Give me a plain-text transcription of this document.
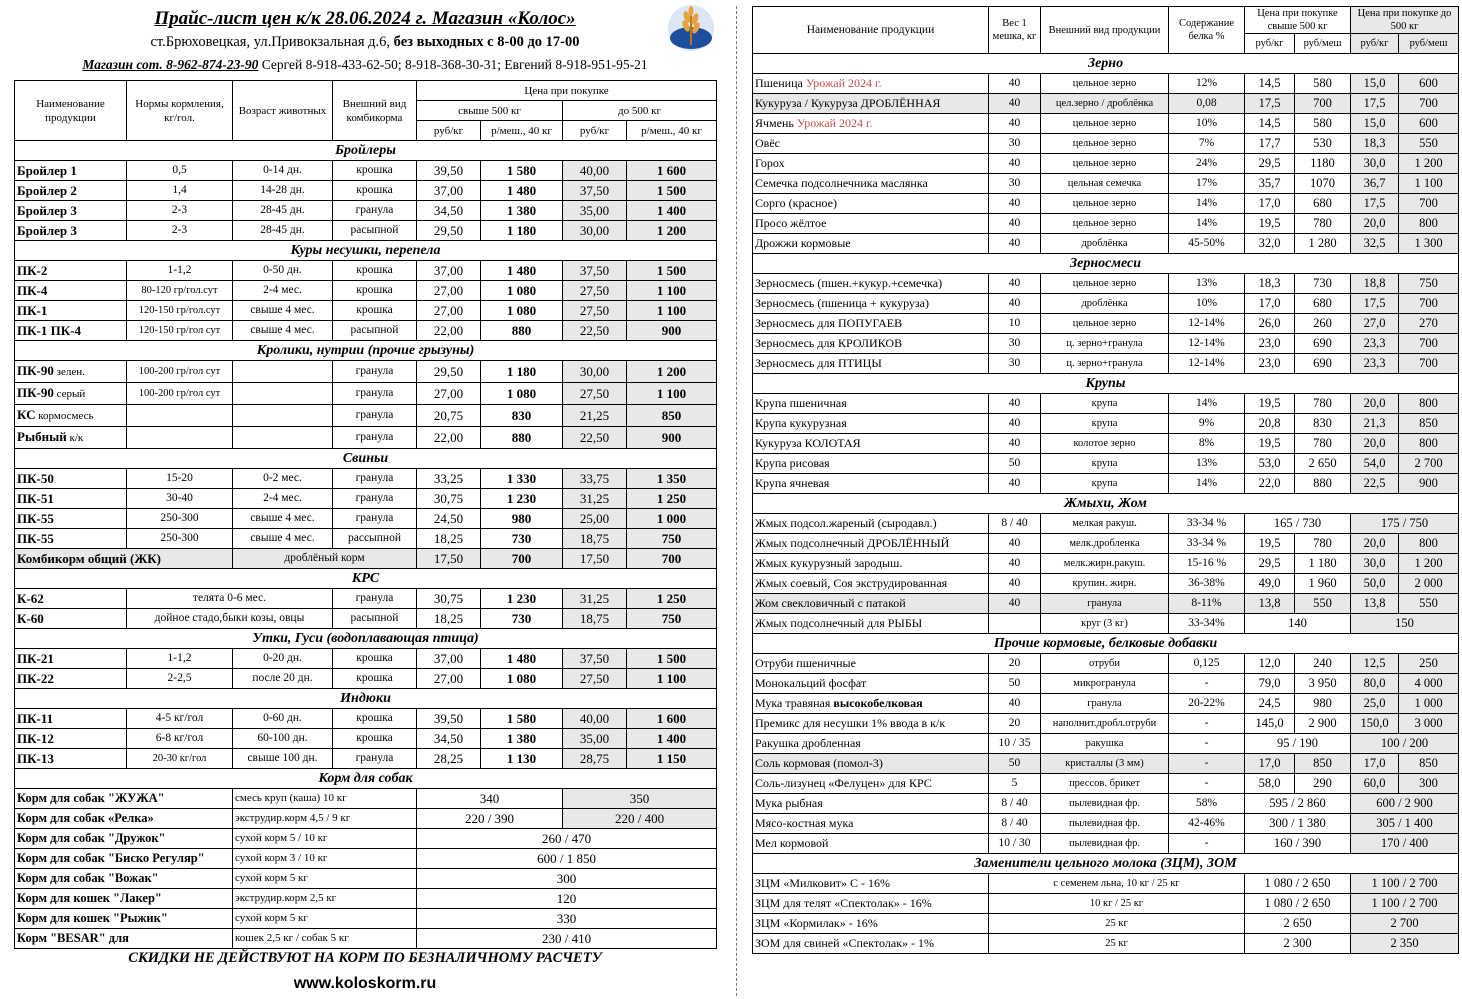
Прайс-лист цен к/к 28.06.2024 г. Магазин «Колос»
ст.Брюховецкая, ул.Привокзальная д.6, без выходных с 8-00 до 17-00
Магазин сот. 8-962-874-23-90 Сергей 8-918-433-62-50; 8-918-368-30-31; Евгений 8-918-951-95-21
Наименование продукции	Нормы кормления, кг/гол.	Возраст животных	Внешний вид комбикорма	Цена при покупке			
				свыше 500 кг		до 500 кг	
				руб/кг	р/меш., 40 кг	руб/кг	р/меш., 40 кг
Бройлеры							
Бройлер 1	0,5	0-14 дн.	крошка	39,50	1 580	40,00	1 600
Бройлер 2	1,4	14-28 дн.	крошка	37,00	1 480	37,50	1 500
Бройлер 3	2-3	28-45 дн.	гранула	34,50	1 380	35,00	1 400
Бройлер 3	2-3	28-45 дн.	расыпной	29,50	1 180	30,00	1 200
Куры несушки, перепела							
ПК-2	1-1,2	0-50 дн.	крошка	37,00	1 480	37,50	1 500
ПК-4	80-120 гр/гол.сут	2-4 мес.	крошка	27,00	1 080	27,50	1 100
ПК-1	120-150 гр/гол.сут	свыше 4 мес.	крошка	27,00	1 080	27,50	1 100
ПК-1 ПК-4	120-150 гр/гол сут	свыше 4 мес.	расыпной	22,00	880	22,50	900
Кролики, нутрии (прочие грызуны)							
ПК-90 зелен.	100-200 гр/гол сут		гранула	29,50	1 180	30,00	1 200
ПК-90 серый	100-200 гр/гол сут		гранула	27,00	1 080	27,50	1 100
КС кормосмесь			гранула	20,75	830	21,25	850
Рыбный к/к			гранула	22,00	880	22,50	900
Свиньи							
ПК-50	15-20	0-2 мес.	гранула	33,25	1 330	33,75	1 350
ПК-51	30-40	2-4 мес.	гранула	30,75	1 230	31,25	1 250
ПК-55	250-300	свыше 4 мес.	гранула	24,50	980	25,00	1 000
ПК-55	250-300	свыше 4 мес.	рассыпной	18,25	730	18,75	750
Комбикорм общий (ЖК)		дроблёный корм		17,50	700	17,50	700
КРС							
К-62	телята 0-6 мес.		гранула	30,75	1 230	31,25	1 250
К-60	дойное стадо,быки козы, овцы		расыпной	18,25	730	18,75	750
Утки, Гуси (водоплавающая птица)							
ПК-21	1-1,2	0-20 дн.	крошка	37,00	1 480	37,50	1 500
ПК-22	2-2,5	после 20 дн.	крошка	27,00	1 080	27,50	1 100
Индюки							
ПК-11	4-5 кг/гол	0-60 дн.	крошка	39,50	1 580	40,00	1 600
ПК-12	6-8 кг/гол	60-100 дн.	крошка	34,50	1 380	35,00	1 400
ПК-13	20-30 кг/гол	свыше 100 дн.	гранула	28,25	1 130	28,75	1 150
Корм для собак							
Корм для собак "ЖУЖА"		смесь круп (каша) 10 кг		340		350	
Корм для собак «Релка»		экструдир.корм 4,5 / 9 кг		220 / 390		220 / 400	
Корм для собак "Дружок"		сухой корм 5 / 10 кг		260 / 470			
Корм для собак "Биско Регуляр"		сухой корм 3 / 10 кг		600 / 1 850			
Корм для собак "Вожак"		сухой корм 5 кг		300			
Корм для кошек "Лакер"		экструдир.корм 2,5 кг		120			
Корм для кошек "Рыжик"		сухой корм 5 кг		330			
Корм "BESAR" для		кошек 2,5 кг / собак 5 кг		230 / 410			
СКИДКИ НЕ ДЕЙСТВУЮТ НА КОРМ ПО БЕЗНАЛИЧНОМУ РАСЧЕТУ
www.koloskorm.ru
Наименование продукции	Вес 1 мешка, кг	Внешний вид продукции	Содержание белка %	Цена при покупке свыше 500 кг		Цена при покупке до 500 кг	
				руб/кг	руб/меш	руб/кг	руб/меш
Зерно							
Пшеница Урожай 2024 г.	40	цельное зерно	12%	14,5	580	15,0	600
Кукуруза / Кукуруза ДРОБЛЁННАЯ	40	цел.зерно / дроблёнка	0,08	17,5	700	17,5	700
Ячмень Урожай 2024 г.	40	цельное зерно	10%	14,5	580	15,0	600
Овёс	30	цельное зерно	7%	17,7	530	18,3	550
Горох	40	цельное зерно	24%	29,5	1180	30,0	1 200
Семечка подсолнечника маслянка	30	цельная семечка	17%	35,7	1070	36,7	1 100
Сорго (красное)	40	цельное зерно	14%	17,0	680	17,5	700
Просо жёлтое	40	цельное зерно	14%	19,5	780	20,0	800
Дрожжи кормовые	40	дроблёнка	45-50%	32,0	1 280	32,5	1 300
Зерносмеси							
Зерносмесь (пшен.+кукур.+семечка)	40	цельное зерно	13%	18,3	730	18,8	750
Зерносмесь (пшеница + кукуруза)	40	дроблёнка	10%	17,0	680	17,5	700
Зерносмесь для ПОПУГАЕВ	10	цельное зерно	12-14%	26,0	260	27,0	270
Зерносмесь для КРОЛИКОВ	30	ц. зерно+гранула	12-14%	23,0	690	23,3	700
Зерносмесь для ПТИЦЫ	30	ц. зерно+гранула	12-14%	23,0	690	23,3	700
Крупы							
Крупа пшеничная	40	крупа	14%	19,5	780	20,0	800
Крупа кукурузная	40	крупа	9%	20,8	830	21,3	850
Кукуруза КОЛОТАЯ	40	колотое зерно	8%	19,5	780	20,0	800
Крупа рисовая	50	крупа	13%	53,0	2 650	54,0	2 700
Крупа ячневая	40	крупа	14%	22,0	880	22,5	900
Жмыхи, Жом							
Жмых подсол.жареный (сыродавл.)	8 / 40	мелкая ракуш.	33-34 %	165 / 730		175 / 750	
Жмых подсолнечный ДРОБЛЁННЫЙ	40	мелк.дробленка	33-34 %	19,5	780	20,0	800
Жмых кукурузный зародыш.	40	мелк.жирн.ракуш.	15-16 %	29,5	1 180	30,0	1 200
Жмых соевый, Соя экструдированная	40	крупин. жирн.	36-38%	49,0	1 960	50,0	2 000
Жом свекловичный с патакой	40	гранула	8-11%	13,8	550	13,8	550
Жмых подсолнечный для РЫБЫ		круг (3 кг)	33-34%	140		150	
Прочие кормовые, белковые добавки							
Отруби пшеничные	20	отруби	0,125	12,0	240	12,5	250
Монокальций фосфат	50	микрогранула	-	79,0	3 950	80,0	4 000
Мука травяная высокобелковая	40	гранула	20-22%	24,5	980	25,0	1 000
Премикс для несушки 1% ввода в к/к	20	наполнит.дробл.отруби	-	145,0	2 900	150,0	3 000
Ракушка дробленная	10 / 35	ракушка	-	95 / 190		100 / 200	
Соль кормовая (помол-3)	50	кристаллы (3 мм)	-	17,0	850	17,0	850
Соль-лизунец «Фелуцен» для КРС	5	прессов. брикет	-	58,0	290	60,0	300
Мука рыбная	8 / 40	пылевидная фр.	58%	595 / 2 860		600 / 2 900	
Мясо-костная мука	8 / 40	пылевидная фр.	42-46%	300 / 1 380		305 / 1 400	
Мел кормовой	10 / 30	пылевидная фр.	-	160 / 390		170 / 400	
Заменители цельного молока (ЗЦМ), ЗОМ							
ЗЦМ «Милковит» С - 16%	с семенем льна, 10 кг / 25 кг			1 080 / 2 650		1 100 / 2 700	
ЗЦМ для телят «Спектолак» - 16%	10 кг / 25 кг			1 080 / 2 650		1 100 / 2 700	
ЗЦМ «Кормилак» - 16%	25 кг			2 650		2 700	
ЗОМ для свиней «Спектолак» - 1%	25 кг			2 300		2 350	
